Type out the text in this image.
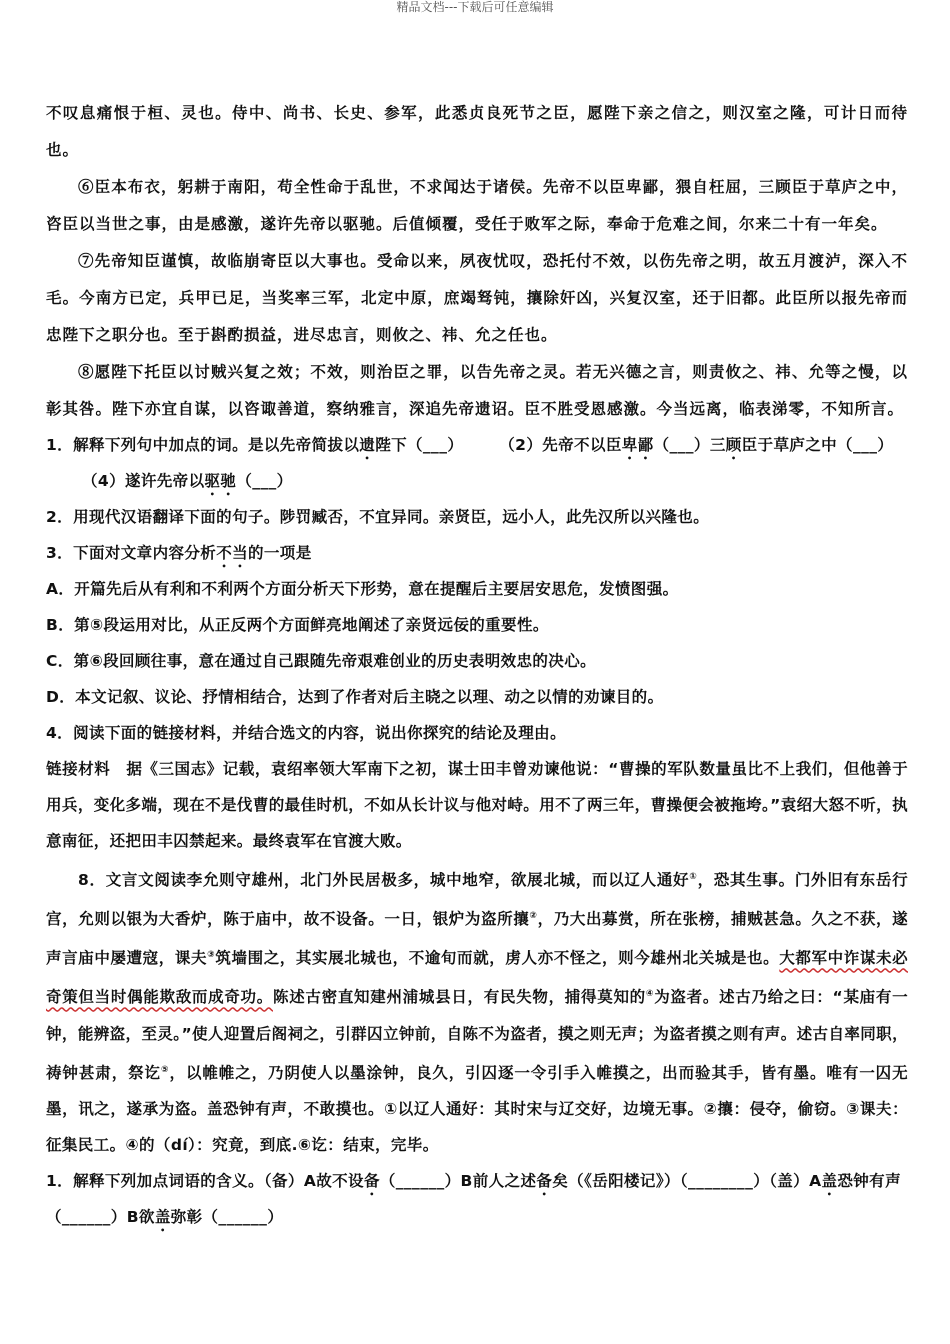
精品文档---下载后可任意编辑

不叹息痛恨于桓、灵也。侍中、尚书、长史、参军，此悉贞良死节之臣，愿陛下亲之信之，则汉室之隆，可计日而待也。

⑥臣本布衣，躬耕于南阳，苟全性命于乱世，不求闻达于诸侯。先帝不以臣卑鄙，猥自枉屈，三顾臣于草庐之中，咨臣以当世之事，由是感激，遂许先帝以驱驰。后值倾覆，受任于败军之际，奉命于危难之间，尔来二十有一年矣。

⑦先帝知臣谨慎，故临崩寄臣以大事也。受命以来，夙夜忧叹，恐托付不效，以伤先帝之明，故五月渡泸，深入不毛。今南方已定，兵甲已足，当奖率三军，北定中原，庶竭驽钝，攘除奸凶，兴复汉室，还于旧都。此臣所以报先帝而忠陛下之职分也。至于斟酌损益，进尽忠言，则攸之、祎、允之任也。

⑧愿陛下托臣以讨贼兴复之效；不效，则治臣之罪，以告先帝之灵。若无兴德之言，则责攸之、祎、允等之慢，以彰其咎。陛下亦宜自谋，以咨诹善道，察纳雅言，深追先帝遗诏。臣不胜受恩感激。今当远离，临表涕零，不知所言。

1．解释下列句中加点的词。是以先帝简拔以遗陛下（___） （2）先帝不以臣卑鄙（___）三顾臣于草庐之中（___）（4）遂许先帝以驱驰（___）

2．用现代汉语翻译下面的句子。陟罚臧否，不宜异同。亲贤臣，远小人，此先汉所以兴隆也。

3．下面对文章内容分析不当的一项是

A．开篇先后从有利和不利两个方面分析天下形势，意在提醒后主要居安思危，发愤图强。

B．第⑤段运用对比，从正反两个方面鲜亮地阐述了亲贤远佞的重要性。

C．第⑥段回顾往事，意在通过自己跟随先帝艰难创业的历史表明效忠的决心。

D．本文记叙、议论、抒情相结合，达到了作者对后主晓之以理、动之以情的劝谏目的。

4．阅读下面的链接材料，并结合选文的内容，说出你探究的结论及理由。

链接材料　据《三国志》记载，袁绍率领大军南下之初，谋士田丰曾劝谏他说：“曹操的军队数量虽比不上我们，但他善于用兵，变化多端，现在不是伐曹的最佳时机，不如从长计议与他对峙。用不了两三年，曹操便会被拖垮。”袁绍大怒不听，执意南征，还把田丰囚禁起来。最终袁军在官渡大败。

8．文言文阅读李允则守雄州，北门外民居极多，城中地窄，欲展北城，而以辽人通好①，恐其生事。门外旧有东岳行宫，允则以银为大香炉，陈于庙中，故不设备。一日，银炉为盗所攘②，乃大出募赏，所在张榜，捕贼甚急。久之不获，遂声言庙中屡遭寇，课夫③筑墙围之，其实展北城也，不逾旬而就，虏人亦不怪之，则今雄州北关城是也。大都军中诈谋未必奇策但当时偶能欺敌而成奇功。陈述古密直知建州浦城县日，有民失物，捕得莫知的④为盗者。述古乃给之曰：“某庙有一钟，能辨盗，至灵。”使人迎置后阁祠之，引群囚立钟前，自陈不为盗者，摸之则无声；为盗者摸之则有声。述古自率同职，祷钟甚肃，祭讫⑤，以帷帷之，乃阴使人以墨涂钟，良久，引囚逐一令引手入帷摸之，出而验其手，皆有墨。唯有一囚无墨，讯之，遂承为盗。盖恐钟有声，不敢摸也。①以辽人通好：其时宋与辽交好，边境无事。②攘：侵夺，偷窃。③课夫：征集民工。④的（dí）：究竟，到底.⑥讫：结束，完毕。

1．解释下列加点词语的含义。（备）A故不设备（______）B前人之述备矣（《岳阳楼记》）（________）（盖）A盖恐钟有声（______）B欲盖弥彰（______）
